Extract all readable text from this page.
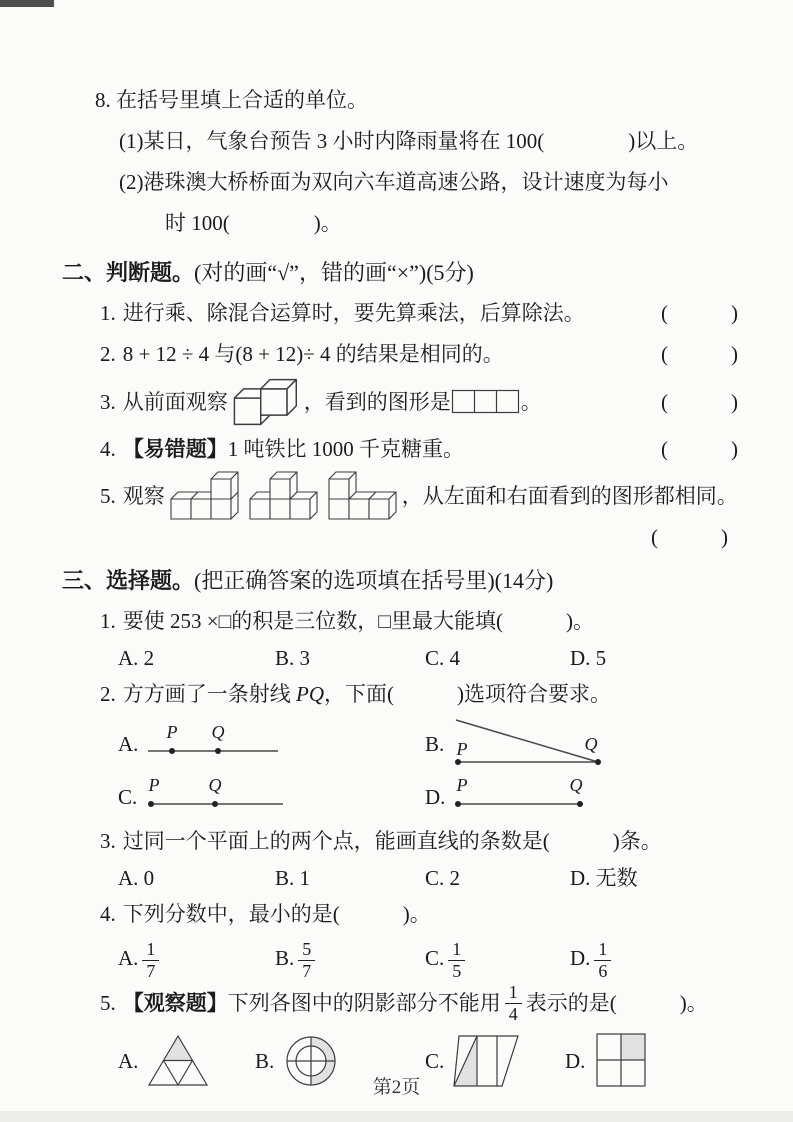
8. 在括号里填上合适的单位。
(1)某日，气象台预告 3 小时内降雨量将在 100(　　　　)以上。
(2)港珠澳大桥桥面为双向六车道高速公路，设计速度为每小
时 100(　　　　)。
二、判断题。(对的画“√”，错的画“×”)(5分)
1. 进行乘、除混合运算时，要先算乘法，后算除法。	(　　　)
2. 8 + 12 ÷ 4 与(8 + 12)÷ 4 的结果是相同的。	(　　　)
3. 从前面观察	，看到的图形是	。	(　　　)
4. 【易错题】 1 吨铁比 1000 千克糖重。	(　　　)
5. 观察	，从左面和右面看到的图形都相同。
(　　　)
三、选择题。(把正确答案的选项填在括号里)(14分)
1. 要使 253 ×□的积是三位数，□里最大能填(　　　)。
A. 2	B. 3	C. 4	D. 5
2. 方方画了一条射线 PQ ，下面(　　　)选项符合要求。
A. P Q	B. P	Q
C. P	Q	D. P	Q
3. 过同一个平面上的两个点，能画直线的条数是(　　　)条。
A. 0	B. 1	C. 2	D. 无数
4. 下列分数中，最小的是(　　　)。
A. $\frac{1}{7}$	B. $\frac{5}{7}$	C. $\frac{1}{5}$	D. $\frac{1}{6}$
5. 【观察题】 下列各图中的阴影部分不能用 $\frac{1}{4}$ 表示的是(　　　)。
A.	B.	C.	D.
第2页
